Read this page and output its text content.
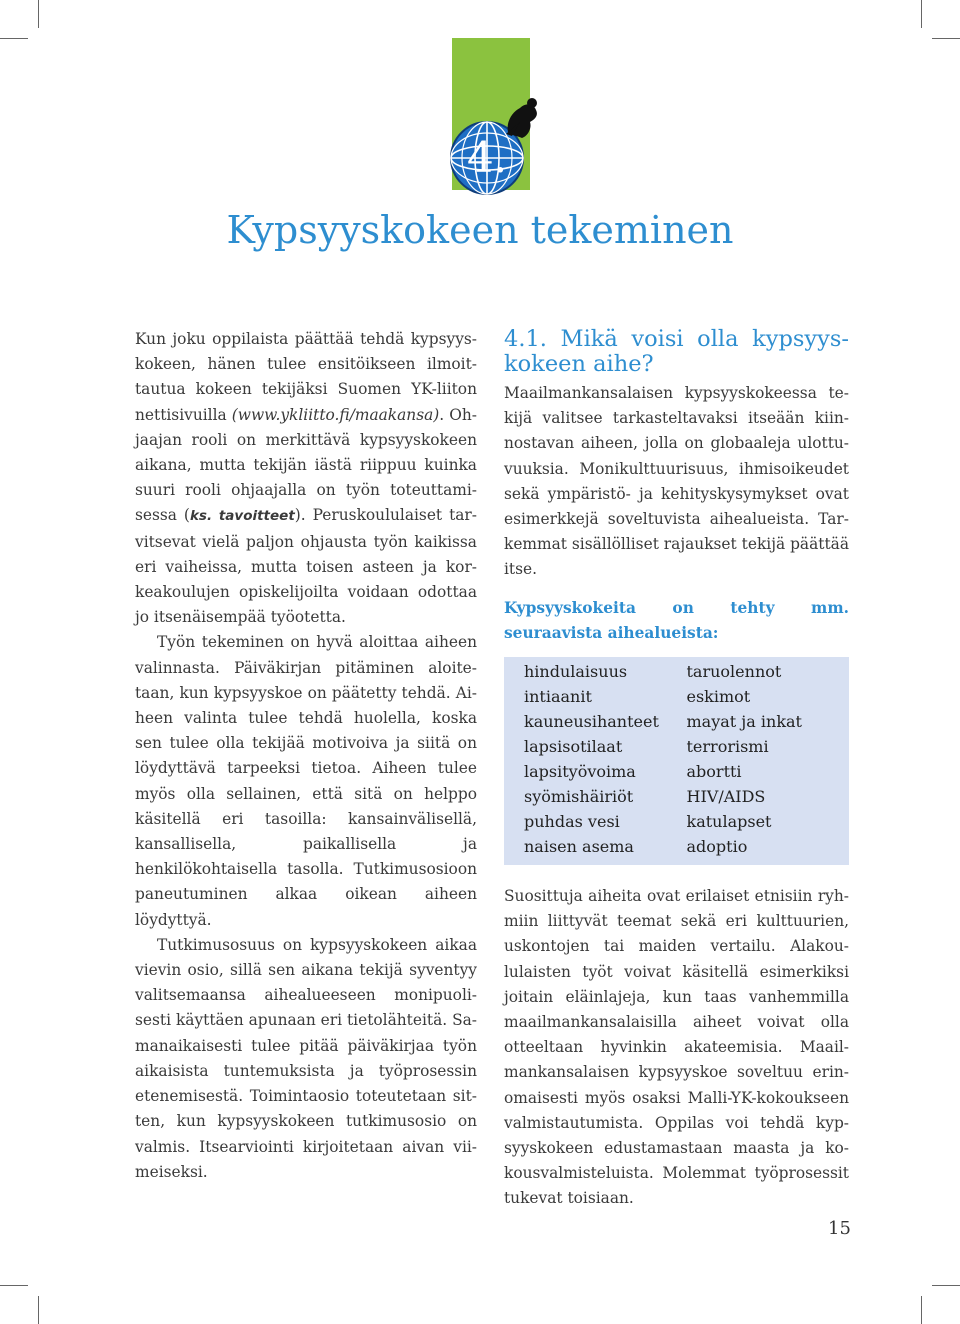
4.
Kypsyyskokeen tekeminen

Kun joku oppilaista päättää tehdä kypsyyskokeen, hänen tulee ensitöikseen ilmoittautua kokeen tekijäksi Suomen YK-liiton nettisivuilla (www.ykliitto.fi/maakansa). Ohjaajan rooli on merkittävä kypsyyskokeen aikana, mutta tekijän iästä riippuu kuinka suuri rooli ohjaajalla on työn toteuttamisessa (ks. tavoitteet). Peruskoululaiset tarvitsevat vielä paljon ohjausta työn kaikissa eri vaiheissa, mutta toisen asteen ja korkeakoulujen opiskelijoilta voidaan odottaa jo itsenäisempää työotetta.

Työn tekeminen on hyvä aloittaa aiheen valinnasta. Päiväkirjan pitäminen aloitetaan, kun kypsyyskoe on päätetty tehdä. Aiheen valinta tulee tehdä huolella, koska sen tulee olla tekijää motivoiva ja siitä on löydyttävä tarpeeksi tietoa. Aiheen tulee myös olla sellainen, että sitä on helppo käsitellä eri tasoilla: kansainvälisellä, kansallisella, paikallisella ja henkilökohtaisella tasolla. Tutkimusosioon paneutuminen alkaa oikean aiheen löydyttyä.

Tutkimusosuus on kypsyyskokeen aikaa vievin osio, sillä sen aikana tekijä syventyy valitsemaansa aihealueeseen monipuolisesti käyttäen apunaan eri tietolähteitä. Samanaikaisesti tulee pitää päiväkirjaa työn aikaisista tuntemuksista ja työprosessin etenemisestä. Toimintaosio toteutetaan sitten, kun kypsyyskokeen tutkimusosio on valmis. Itsearviointi kirjoitetaan aivan viimeiseksi.

4.1. Mikä voisi olla kypsyyskokeen aihe?

Maailmankansalaisen kypsyyskokeessa tekijä valitsee tarkasteltavaksi itseään kiinnostavan aiheen, jolla on globaaleja ulottuvuuksia. Monikulttuurisuus, ihmisoikeudet sekä ympäristö- ja kehityskysymykset ovat esimerkkejä soveltuvista aihealueista. Tarkemmat sisällölliset rajaukset tekijä päättää itse.

Kypsyyskokeita on tehty mm. seuraavista aihealueista:

hindulaisuus
intiaanit
kauneusihanteet
lapsisotilaat
lapsityövoima
syömishäiriöt
puhdas vesi
naisen asema
taruolennot
eskimot
mayat ja inkat
terrorismi
abortti
HIV/AIDS
katulapset
adoptio

Suosittuja aiheita ovat erilaiset etnisiin ryhmiin liittyvät teemat sekä eri kulttuurien, uskontojen tai maiden vertailu. Alakoululaisten työt voivat käsitellä esimerkiksi joitain eläinlajeja, kun taas vanhemmilla maailmankansalaisilla aiheet voivat olla otteeltaan hyvinkin akateemisia. Maailmankansalaisen kypsyyskoe soveltuu erinomaisesti myös osaksi Malli-YK-kokoukseen valmistautumista. Oppilas voi tehdä kypsyyskokeen edustamastaan maasta ja kokousvalmisteluista. Molemmat työprosessit tukevat toisiaan.

15
